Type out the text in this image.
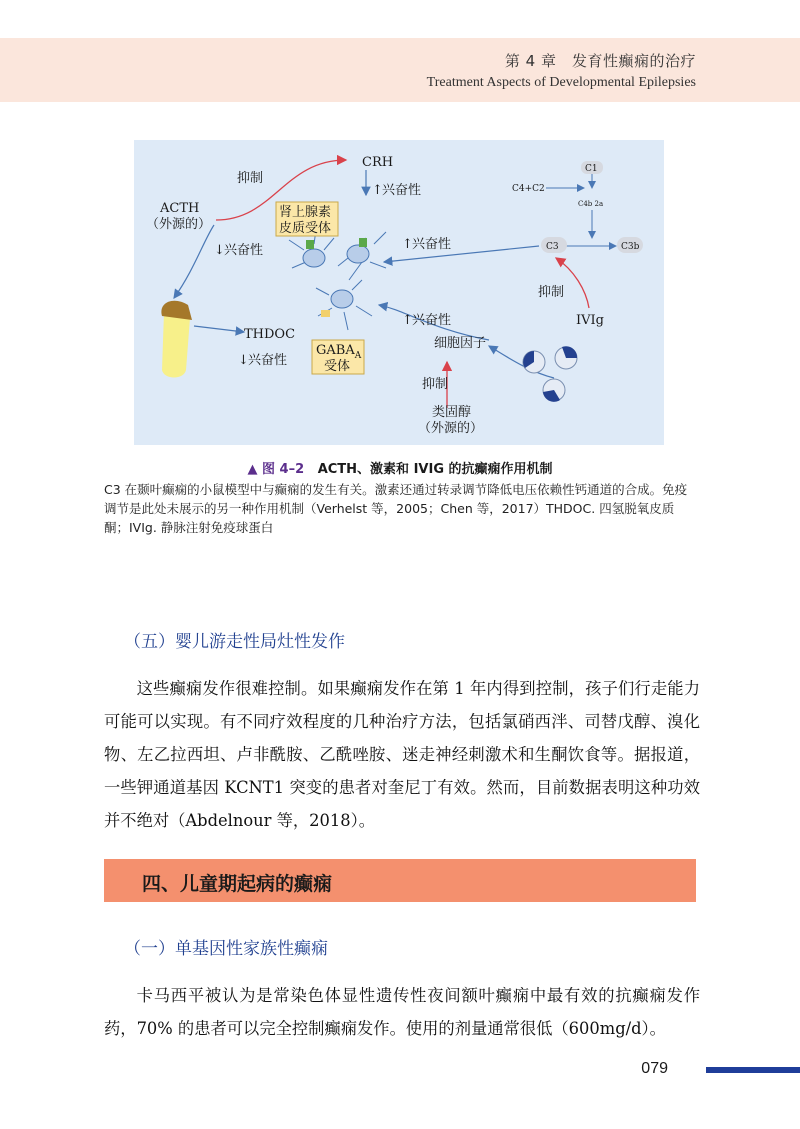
第 4 章　发育性癫痫的治疗
Treatment Aspects of Developmental Epilepsies
CRH
抑制
ACTH
（外源的）
↑ 兴奋性
肾上腺素
皮质受体
↓ 兴奋性	↑ 兴奋性
THDOC
↓ 兴奋性
$GABA_A$
受体
↑ 兴奋性
细胞因子
抑制
类固醇
（外源的）
C1
C4+C2
C4b 2a
C3	C3b
抑制
IVIg
▲ 图 4–2 ACTH、激素和 IVIG 的抗癫痫作用机制
C3 在颞叶癫痫的小鼠模型中与癫痫的发生有关。激素还通过转录调节降低电压依赖性钙通道的合成。免疫调节是此处未展示的另一种作用机制（Verhelst 等，2005；Chen 等，2017）THDOC. 四氢脱氧皮质酮；IVIg. 静脉注射免疫球蛋白
（五）婴儿游走性局灶性发作
这些癫痫发作很难控制。如果癫痫发作在第 1 年内得到控制，孩子们行走能力可能可以实现。有不同疗效程度的几种治疗方法，包括氯硝西泮、司替戊醇、溴化物、左乙拉西坦、卢非酰胺、乙酰唑胺、迷走神经刺激术和生酮饮食等。据报道，一些钾通道基因 KCNT1 突变的患者对奎尼丁有效。然而，目前数据表明这种功效并不绝对（Abdelnour 等，2018）。
四、儿童期起病的癫痫
（一）单基因性家族性癫痫
卡马西平被认为是常染色体显性遗传性夜间额叶癫痫中最有效的抗癫痫发作药，70% 的患者可以完全控制癫痫发作。使用的剂量通常很低（600mg/d）。
079
